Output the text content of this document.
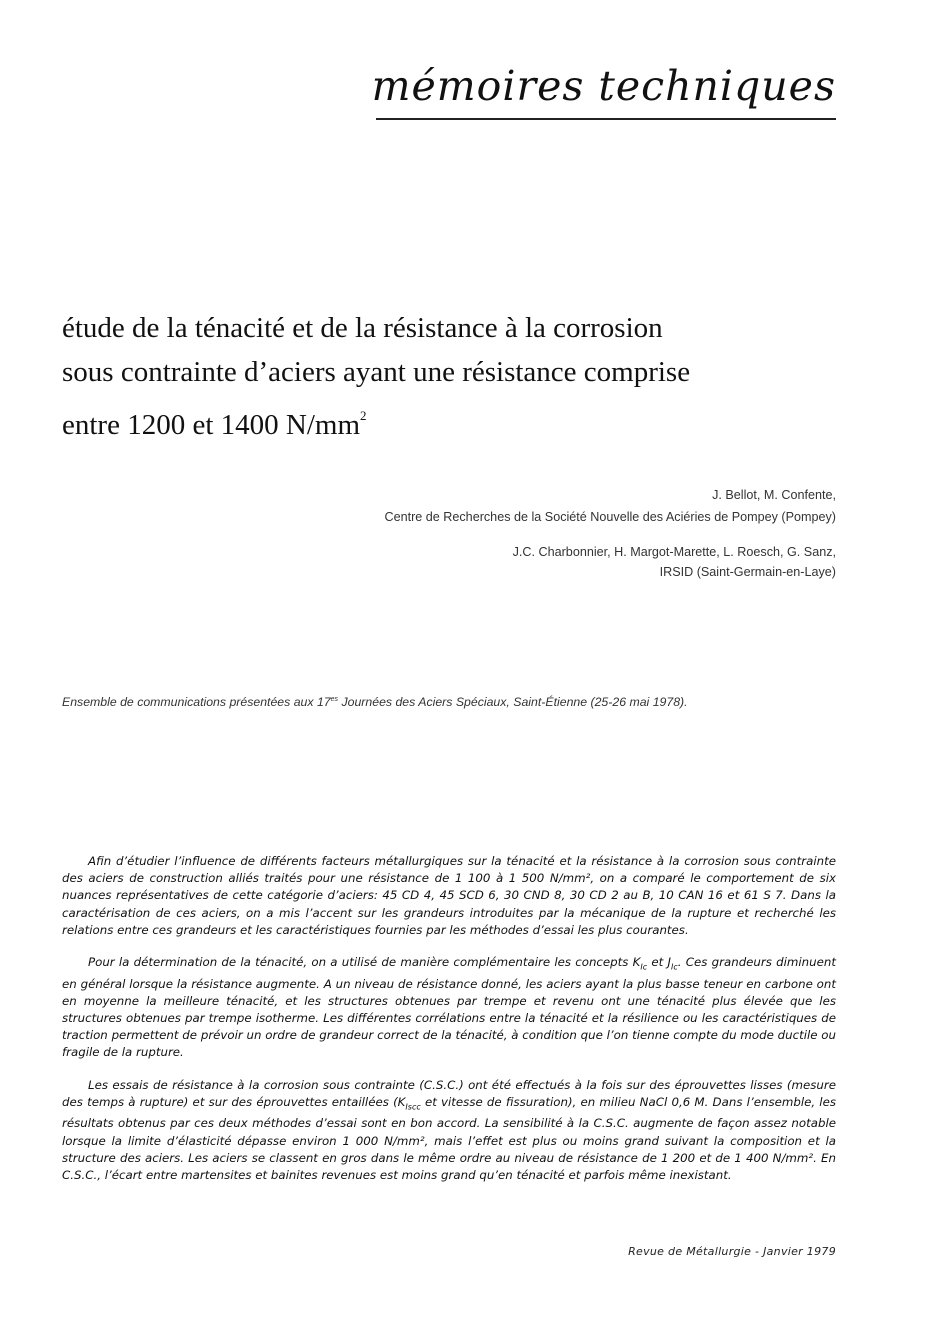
mémoires techniques
étude de la ténacité et de la résistance à la corrosion
sous contrainte d’aciers ayant une résistance comprise
entre 1200 et 1400 $N/mm^2$
J. Bellot, M. Confente,
Centre de Recherches de la Société Nouvelle des Aciéries de Pompey (Pompey)
J.C. Charbonnier, H. Margot-Marette, L. Roesch, G. Sanz,
IRSID (Saint-Germain-en-Laye)
Ensemble de communications présentées aux $17^{es}$ Journées des Aciers Spéciaux, Saint-Étienne (25-26 mai 1978).

Afin d’étudier l’influence de différents facteurs métallurgiques sur la ténacité et la résistance à la corrosion sous contrainte des aciers de construction alliés traités pour une résistance de 1 100 à 1 500 N/mm², on a comparé le comportement de six nuances représentatives de cette catégorie d’aciers: 45 CD 4, 45 SCD 6, 30 CND 8, 30 CD 2 au B, 10 CAN 16 et 61 S 7. Dans la caractérisation de ces aciers, on a mis l’accent sur les grandeurs introduites par la mécanique de la rupture et recherché les relations entre ces grandeurs et les caractéristiques fournies par les méthodes d’essai les plus courantes.

Pour la détermination de la ténacité, on a utilisé de manière complémentaire les concepts $K_{Ic}$ et $J_{Ic}$. Ces grandeurs diminuent en général lorsque la résistance augmente. A un niveau de résistance donné, les aciers ayant la plus basse teneur en carbone ont en moyenne la meilleure ténacité, et les structures obtenues par trempe et revenu ont une ténacité plus élevée que les structures obtenues par trempe isotherme. Les différentes corrélations entre la ténacité et la résilience ou les caractéristiques de traction permettent de prévoir un ordre de grandeur correct de la ténacité, à condition que l’on tienne compte du mode ductile ou fragile de la rupture.

Les essais de résistance à la corrosion sous contrainte (C.S.C.) ont été effectués à la fois sur des éprouvettes lisses (mesure des temps à rupture) et sur des éprouvettes entaillées ($K_{Iscc}$ et vitesse de fissuration), en milieu NaCl 0,6 M. Dans l’ensemble, les résultats obtenus par ces deux méthodes d’essai sont en bon accord. La sensibilité à la C.S.C. augmente de façon assez notable lorsque la limite d’élasticité dépasse environ 1 000 N/mm², mais l’effet est plus ou moins grand suivant la composition et la structure des aciers. Les aciers se classent en gros dans le même ordre au niveau de résistance de 1 200 et de 1 400 N/mm². En C.S.C., l’écart entre martensites et bainites revenues est moins grand qu’en ténacité et parfois même inexistant.

Revue de Métallurgie - Janvier 1979
